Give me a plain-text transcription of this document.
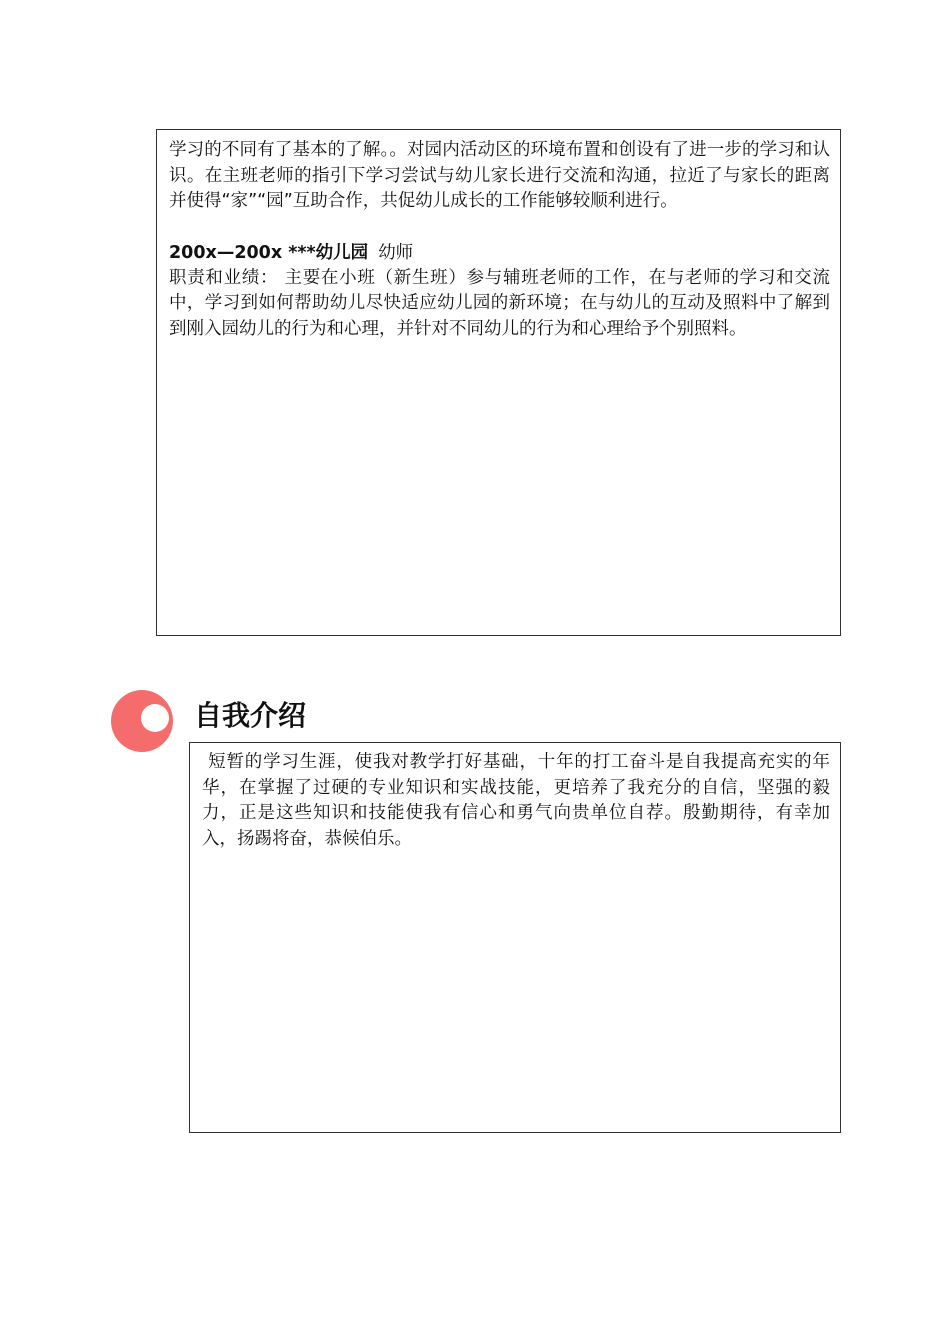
学习的不同有了基本的了解。。对园内活动区的环境布置和创设有了进一步的学习和认识。在主班老师的指引下学习尝试与幼儿家长进行交流和沟通，拉近了与家长的距离并使得“家”“园”互助合作，共促幼儿成长的工作能够较顺利进行。

200x—200x ***幼儿园 幼师

职责和业绩： 主要在小班（新生班）参与辅班老师的工作，在与老师的学习和交流中，学习到如何帮助幼儿尽快适应幼儿园的新环境；在与幼儿的互动及照料中了解到到刚入园幼儿的行为和心理，并针对不同幼儿的行为和心理给予个别照料。

自我介绍

短暂的学习生涯，使我对教学打好基础，十年的打工奋斗是自我提高充实的年华，在掌握了过硬的专业知识和实战技能，更培养了我充分的自信，坚强的毅力，正是这些知识和技能使我有信心和勇气向贵单位自荐。殷勤期待，有幸加入，扬踢将奋，恭候伯乐。
